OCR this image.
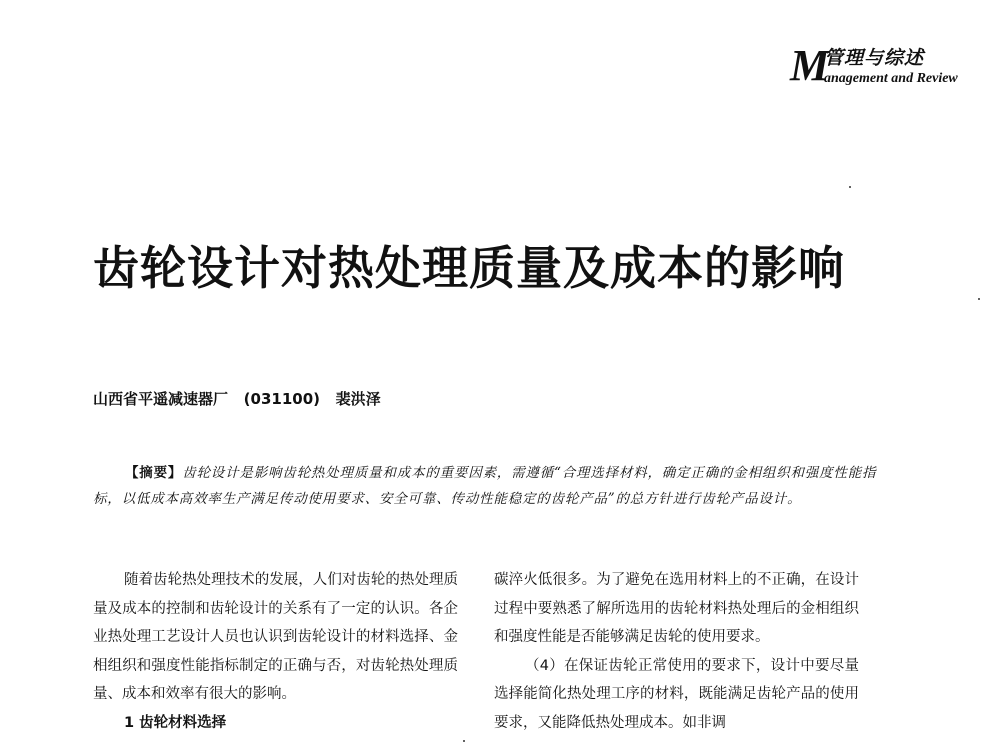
M
管理与综述
anagement and Review
齿轮设计对热处理质量及成本的影响
山西省平遥减速器厂   (031100)   裴洪泽
【摘要】齿轮设计是影响齿轮热处理质量和成本的重要因素，需遵循“合理选择材料，确定正确的金相组织和强度性能指标，以低成本高效率生产满足传动使用要求、安全可靠、传动性能稳定的齿轮产品”的总方针进行齿轮产品设计。

随着齿轮热处理技术的发展，人们对齿轮的热处理质量及成本的控制和齿轮设计的关系有了一定的认识。各企业热处理工艺设计人员也认识到齿轮设计的材料选择、金相组织和强度性能指标制定的正确与否，对齿轮热处理质量、成本和效率有很大的影响。

1 齿轮材料选择

碳淬火低很多。为了避免在选用材料上的不正确，在设计过程中要熟悉了解所选用的齿轮材料热处理后的金相组织和强度性能是否能够满足齿轮的使用要求。

（4）在保证齿轮正常使用的要求下，设计中要尽量选择能简化热处理工序的材料，既能满足齿轮产品的使用要求，又能降低热处理成本。如非调
